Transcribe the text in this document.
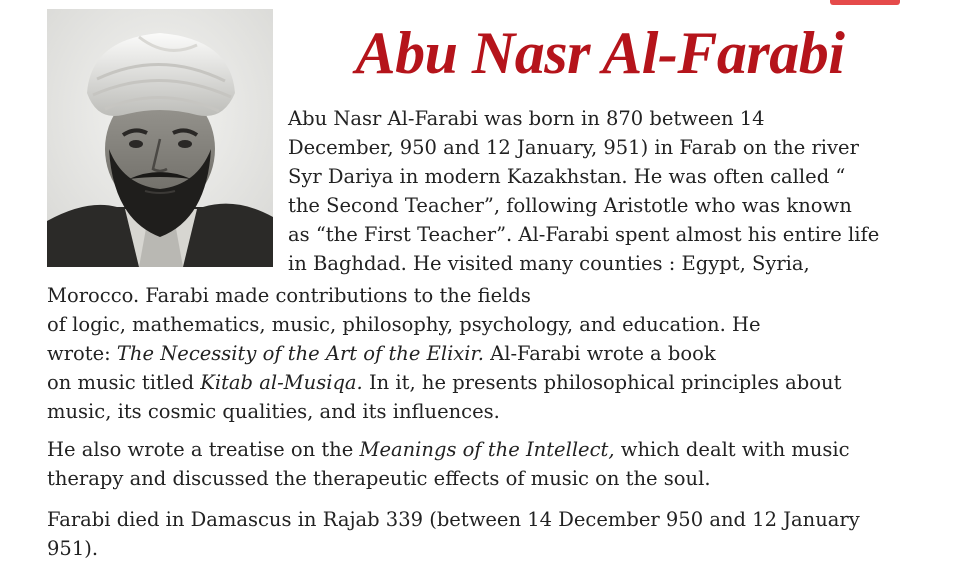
Abu Nasr Al-Farabi

Abu Nasr Al-Farabi was born in 870 between 14
December, 950 and 12 January, 951) in Farab on the river
Syr Dariya in modern Kazakhstan. He was often called “
the Second Teacher”, following Aristotle who was known
as “the First Teacher”. Al-Farabi spent almost his entire life
in Baghdad. He visited many counties : Egypt, Syria,

Morocco. Farabi made contributions to the fields
of logic, mathematics, music, philosophy, psychology, and education. He
wrote: The Necessity of the Art of the Elixir. Al-Farabi wrote a book
on music titled Kitab al-Musiqa. In it, he presents philosophical principles about
music, its cosmic qualities, and its influences.

He also wrote a treatise on the Meanings of the Intellect, which dealt with music
therapy and discussed the therapeutic effects of music on the soul.

Farabi died in Damascus in Rajab 339 (between 14 December 950 and 12 January
951).
